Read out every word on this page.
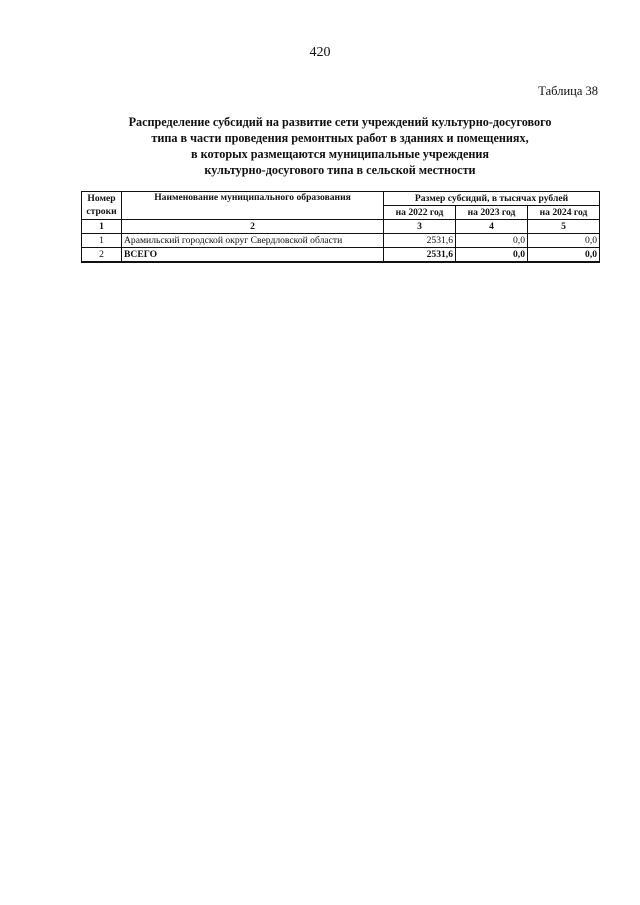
420
Таблица 38
Распределение субсидий на развитие сети учреждений культурно-досугового
типа в части проведения ремонтных работ в зданиях и помещениях,
в которых размещаются муниципальные учреждения
культурно-досугового типа в сельской местности
Номер строки	Наименование муниципального образования	Размер субсидий, в тысячах рублей		
		на 2022 год	на 2023 год	на 2024 год
1	2	3	4	5
1	Арамильский городской округ Свердловской области	2531,6	0,0	0,0
2	ВСЕГО	2531,6	0,0	0,0
